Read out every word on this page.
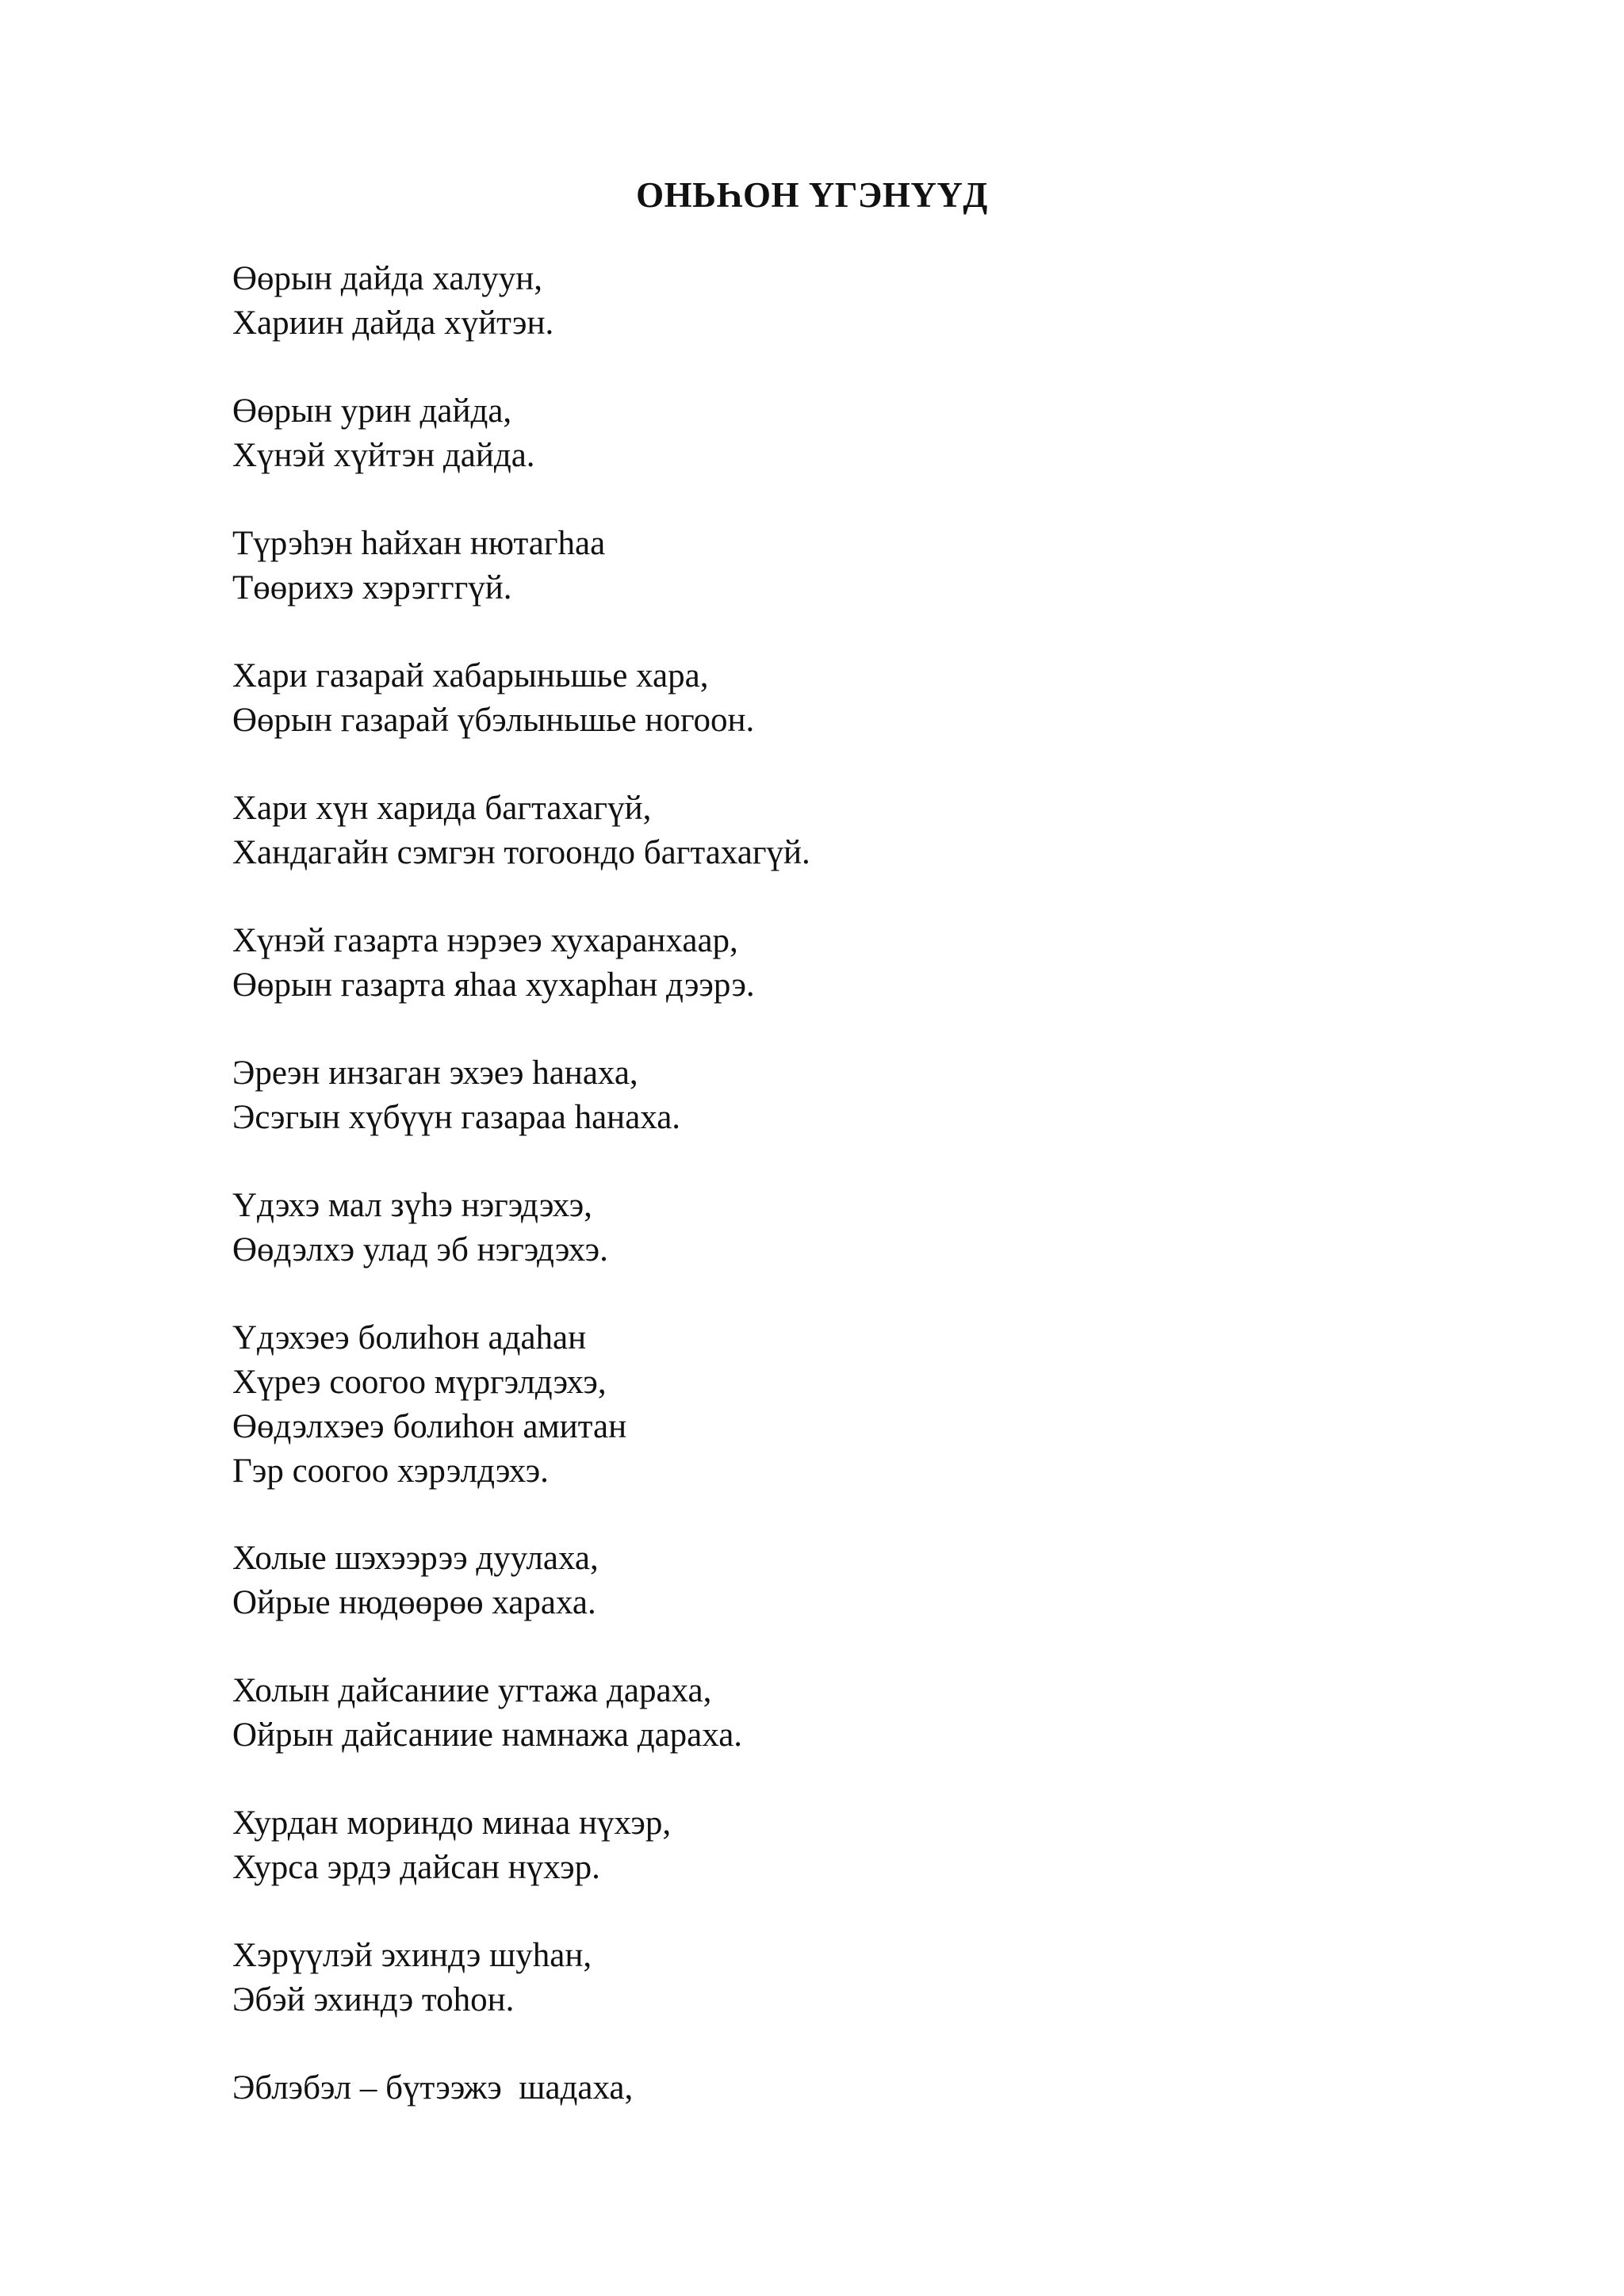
ОНЬҺОН ҮГЭНҮҮД

Өөрын дайда халуун,
Хариин дайда хүйтэн.

Өөрын урин дайда,
Хүнэй хүйтэн дайда.

Түрэһэн һайхан нютагһаа
Төөрихэ хэрэгггүй.

Хари газарай хабарыньшье хара,
Өөрын газарай үбэлыньшье ногоон.

Хари хүн харида багтахагүй,
Хандагайн сэмгэн тогоондо багтахагүй.

Хүнэй газарта нэрэеэ хухаранхаар,
Өөрын газарта яһаа хухарһан дээрэ.

Эреэн инзаган эхэеэ һанаха,
Эсэгын хүбүүн газараа һанаха.

Үдэхэ мал зүһэ нэгэдэхэ,
Өөдэлхэ улад эб нэгэдэхэ.

Үдэхэеэ болиһон адаһан
Хүреэ соогоо мүргэлдэхэ,
Өөдэлхэеэ болиһон амитан
Гэр соогоо хэрэлдэхэ.

Холые шэхээрээ дуулаха,
Ойрые нюдөөрөө хараха.

Холын дайсаниие угтажа дараха,
Ойрын дайсаниие намнажа дараха.

Хурдан мориндо минаа нүхэр,
Хурса эрдэ дайсан нүхэр.

Хэрүүлэй эхиндэ шуһан,
Эбэй эхиндэ тоһон.

Эблэбэл – бүтээжэ  шадаха,
